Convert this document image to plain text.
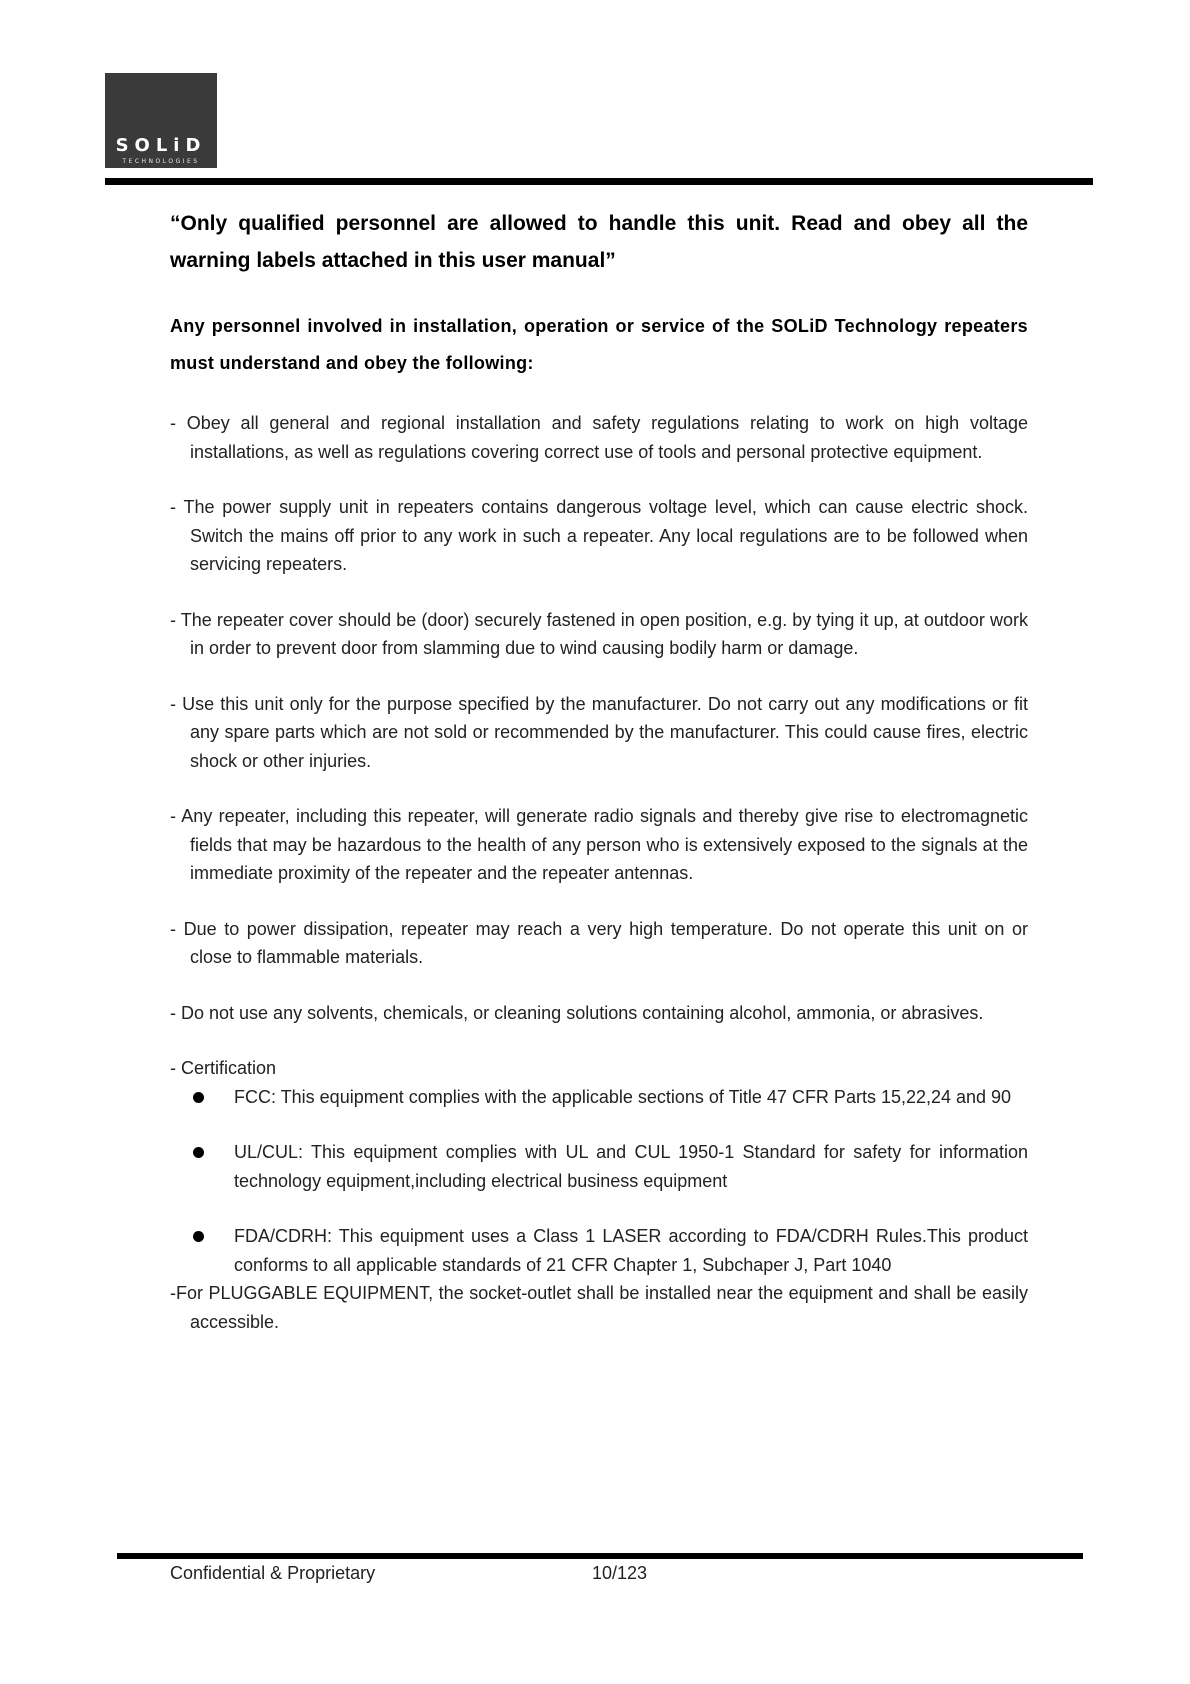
SOLiD
TECHNOLOGIES

“Only qualified personnel are allowed to handle this unit. Read and obey all the warning labels attached in this user manual”

Any personnel involved in installation, operation or service of the SOLiD Technology repeaters must understand and obey the following:

- Obey all general and regional installation and safety regulations relating to work on high voltage installations, as well as regulations covering correct use of tools and personal protective equipment.

- The power supply unit in repeaters contains dangerous voltage level, which can cause electric shock. Switch the mains off prior to any work in such a repeater. Any local regulations are to be followed when servicing repeaters.

- The repeater cover should be (door) securely fastened in open position, e.g. by tying it up, at outdoor work in order to prevent door from slamming due to wind causing bodily harm or damage.

- Use this unit only for the purpose specified by the manufacturer. Do not carry out any modifications or fit any spare parts which are not sold or recommended by the manufacturer. This could cause fires, electric shock or other injuries.

- Any repeater, including this repeater, will generate radio signals and thereby give rise to electromagnetic fields that may be hazardous to the health of any person who is extensively exposed to the signals at the immediate proximity of the repeater and the repeater antennas.

- Due to power dissipation, repeater may reach a very high temperature. Do not operate this unit on or close to flammable materials.

- Do not use any solvents, chemicals, or cleaning solutions containing alcohol, ammonia, or abrasives.

- Certification

FCC: This equipment complies with the applicable sections of Title 47 CFR Parts 15,22,24 and 90
UL/CUL: This equipment complies with UL and CUL 1950-1 Standard for safety for information technology equipment,including electrical business equipment
FDA/CDRH: This equipment uses a Class 1 LASER according to FDA/CDRH Rules.This product conforms to all applicable standards of 21 CFR Chapter 1, Subchaper J, Part 1040

-For PLUGGABLE EQUIPMENT, the socket-outlet shall be installed near the equipment and shall be easily accessible.

Confidential & Proprietary	10/123
